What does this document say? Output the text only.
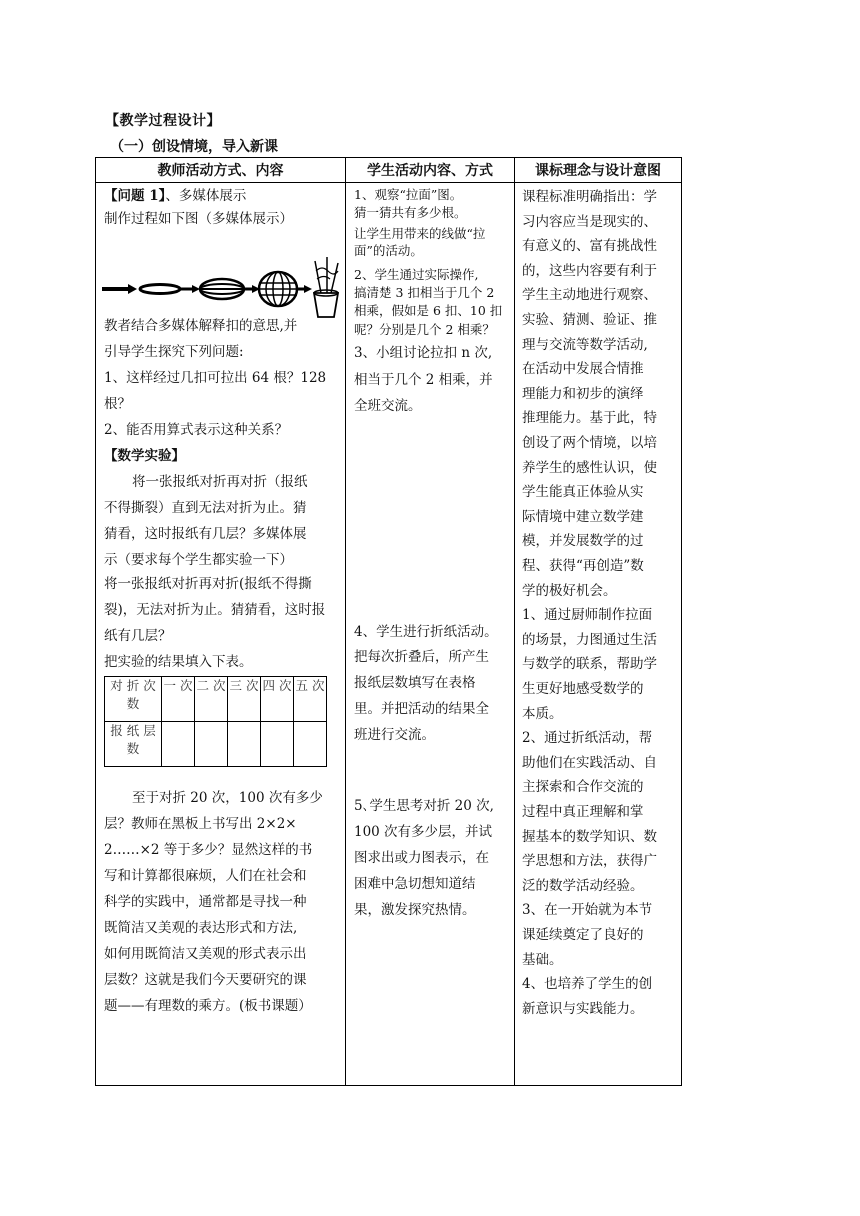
【教学过程设计】
（一）创设情境，导入新课
教师活动方式、内容	学生活动内容、方式	课标理念与设计意图

【问题 1】、多媒体展示
制作过程如下图（多媒体展示）
教者结合多媒体解释扣的意思,并
引导学生探究下列问题:
1、这样经过几扣可拉出 64 根？128
根？
2、能否用算式表示这种关系？
【数学实验】
将一张报纸对折再对折（报纸
不得撕裂）直到无法对折为止。猜
猜看，这时报纸有几层？多媒体展
示（要求每个学生都实验一下）
将一张报纸对折再对折(报纸不得撕
裂)，无法对折为止。猜猜看，这时报
纸有几层？
把实验的结果填入下表。
对 折 次 数	一 次	二 次	三 次	四 次	五 次
报 纸 层 数					
至于对折 20 次，100 次有多少
层？教师在黑板上书写出 2×2×
2……×2 等于多少？显然这样的书
写和计算都很麻烦，人们在社会和
科学的实践中，通常都是寻找一种
既简洁又美观的表达形式和方法,
如何用既简洁又美观的形式表示出
层数？这就是我们今天要研究的课
题——有理数的乘方。(板书课题）

1、观察“拉面”图。
猜一猜共有多少根。
让学生用带来的线做“拉
面”的活动。
2、学生通过实际操作,
搞清楚 3 扣相当于几个 2
相乘，假如是 6 扣、10 扣
呢？分别是几个 2 相乘？
3、小组讨论拉扣 n 次,
相当于几个 2 相乘，并
全班交流。
4、学生进行折纸活动。
把每次折叠后，所产生
报纸层数填写在表格
里。并把活动的结果全
班进行交流。
5､学生思考对折 20 次,
100 次有多少层，并试
图求出或力图表示，在
困难中急切想知道结
果，激发探究热情。

课程标准明确指出：学
习内容应当是现实的、
有意义的、富有挑战性
的，这些内容要有利于
学生主动地进行观察、
实验、猜测、验证、推
理与交流等数学活动,
在活动中发展合情推
理能力和初步的演绎
推理能力。基于此，特
创设了两个情境，以培
养学生的感性认识，使
学生能真正体验从实
际情境中建立数学建
模，并发展数学的过
程、获得“再创造”数
学的极好机会。
1、通过厨师制作拉面
的场景，力图通过生活
与数学的联系，帮助学
生更好地感受数学的
本质。
2、通过折纸活动，帮
助他们在实践活动、自
主探索和合作交流的
过程中真正理解和掌
握基本的数学知识、数
学思想和方法，获得广
泛的数学活动经验。
3、在一开始就为本节
课延续奠定了良好的
基础。
4、也培养了学生的创
新意识与实践能力。
